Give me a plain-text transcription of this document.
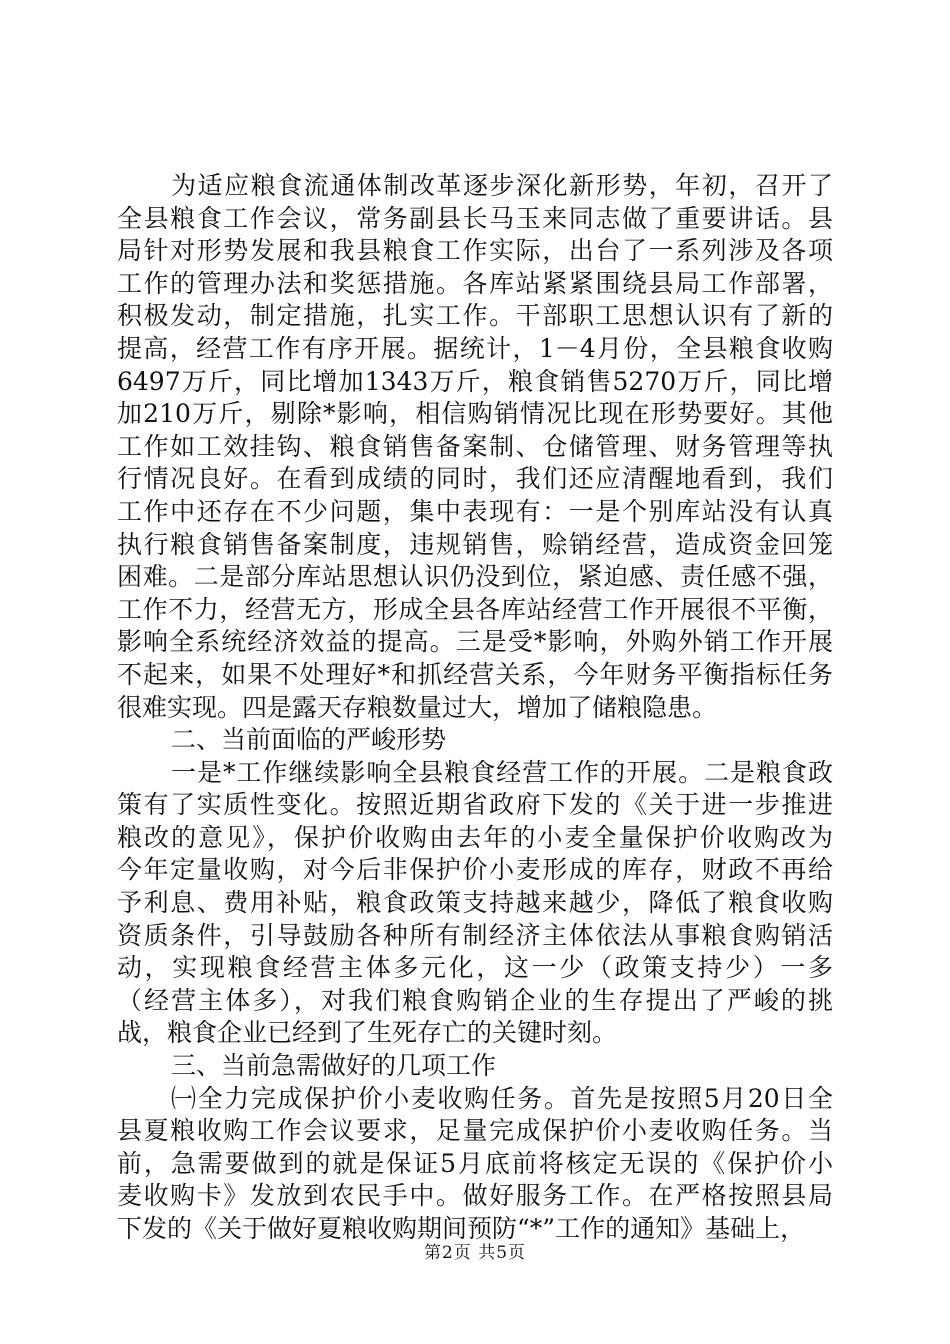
为适应粮食流通体制改革逐步深化新形势，年初，召开了
全县粮食工作会议，常务副县长马玉来同志做了重要讲话。县
局针对形势发展和我县粮食工作实际，出台了一系列涉及各项
工作的管理办法和奖惩措施。各库站紧紧围绕县局工作部署，
积极发动，制定措施，扎实工作。干部职工思想认识有了新的
提高，经营工作有序开展。据统计，1－4月份，全县粮食收购
6497万斤，同比增加1343万斤，粮食销售5270万斤，同比增
加210万斤，剔除*影响，相信购销情况比现在形势要好。其他
工作如工效挂钩、粮食销售备案制、仓储管理、财务管理等执
行情况良好。在看到成绩的同时，我们还应清醒地看到，我们
工作中还存在不少问题，集中表现有：一是个别库站没有认真
执行粮食销售备案制度，违规销售，赊销经营，造成资金回笼
困难。二是部分库站思想认识仍没到位，紧迫感、责任感不强，
工作不力，经营无方，形成全县各库站经营工作开展很不平衡，
影响全系统经济效益的提高。三是受*影响，外购外销工作开展
不起来，如果不处理好*和抓经营关系，今年财务平衡指标任务
很难实现。四是露天存粮数量过大，增加了储粮隐患。
二、当前面临的严峻形势
一是*工作继续影响全县粮食经营工作的开展。二是粮食政
策有了实质性变化。按照近期省政府下发的《关于进一步推进
粮改的意见》，保护价收购由去年的小麦全量保护价收购改为
今年定量收购，对今后非保护价小麦形成的库存，财政不再给
予利息、费用补贴，粮食政策支持越来越少，降低了粮食收购
资质条件，引导鼓励各种所有制经济主体依法从事粮食购销活
动，实现粮食经营主体多元化，这一少（政策支持少）一多
（经营主体多），对我们粮食购销企业的生存提出了严峻的挑
战，粮食企业已经到了生死存亡的关键时刻。
三、当前急需做好的几项工作
㈠全力完成保护价小麦收购任务。首先是按照5月20日全
县夏粮收购工作会议要求，足量完成保护价小麦收购任务。当
前，急需要做到的就是保证5月底前将核定无误的《保护价小
麦收购卡》发放到农民手中。做好服务工作。在严格按照县局
下发的《关于做好夏粮收购期间预防“*”工作的通知》基础上，
第2页 共5页
